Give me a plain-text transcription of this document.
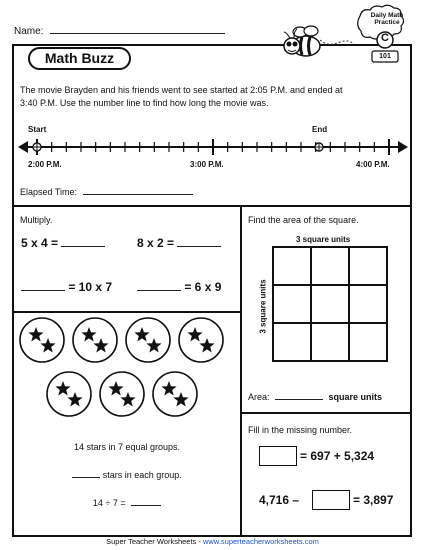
Name:
Math Buzz
Daily Math
Practice
C
101
The movie Brayden and his friends went to see started at 2:05 P.M. and ended at
3:40 P.M. Use the number line to find how long the movie was.
Start	End
2:00 P.M.	3:00 P.M.	4:00 P.M.
Elapsed Time:
Multiply.
5 x 4 =	8 x 2 =
= 10 x 7	= 6 x 9
Find the area of the square.
3 square units
3 square units
Area:	square units
14 stars in 7 equal groups.
stars in each group.
14 ÷ 7 =
Fill in the missing number.
= 697 + 5,324
4,716 –	= 3,897
Super Teacher Worksheets - www.superteacherworksheets.com
